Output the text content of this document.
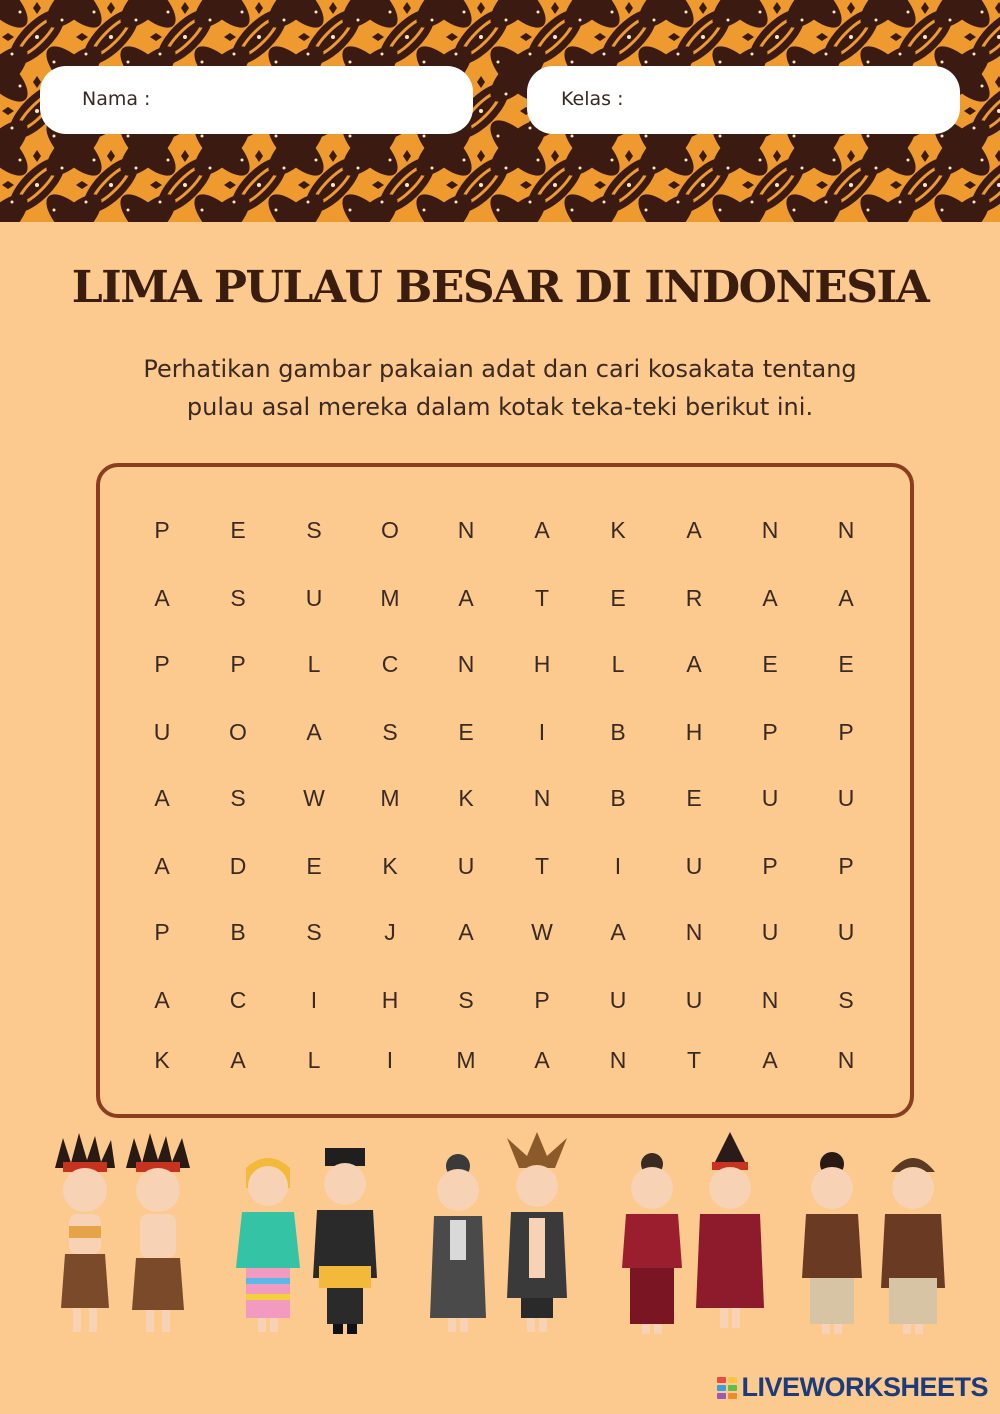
Nama :	Kelas :
LIMA PULAU BESAR DI INDONESIA
Perhatikan gambar pakaian adat dan cari kosakata tentang
pulau asal mereka dalam kotak teka-teki berikut ini.
P	E	S	O	N	A	K	A	N	N
A	S	U	M	A	T	E	R	A	A
P	P	L	C	N	H	L	A	E	E
U	O	A	S	E	I	B	H	P	P
A	S	W	M	K	N	B	E	U	U
A	D	E	K	U	T	I	U	P	P
P	B	S	J	A	W	A	N	U	U
A	C	I	H	S	P	U	U	N	S
K	A	L	I	M	A	N	T	A	N
LIVEWORKSHEETS
